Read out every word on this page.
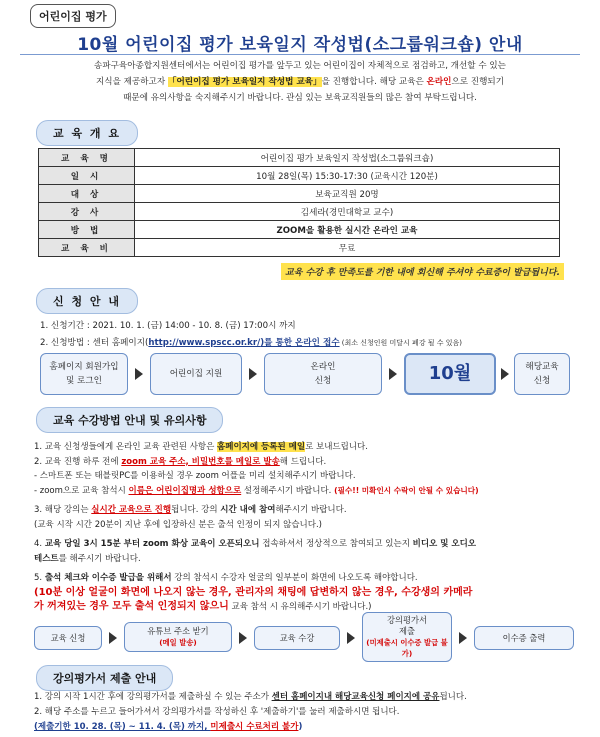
어린이집 평가
10월 어린이집 평가 보육일지 작성법(소그룹워크숍) 안내
송파구육아종합지원센터에서는 어린이집 평가를 앞두고 있는 어린이집이 자체적으로 점검하고, 개선할 수 있는
지식을 제공하고자 「어린이집 평가 보육일지 작성법 교육」을 진행합니다. 해당 교육은 온라인으로 진행되기
때문에 유의사항을 숙지해주시기 바랍니다. 관심 있는 보육교직원들의 많은 참여 부탁드립니다.
교 육 개 요
교 육 명	어린이집 평가 보육일지 작성법(소그룹워크숍)
일 시	10월 28일(목) 15:30-17:30 (교육시간 120분)
대 상	보육교직원 20명
강 사	김세라(경민대학교 교수)
방 법	ZOOM을 활용한 실시간 온라인 교육
교 육 비	무료
교육 수강 후 만족도를 기한 내에 회신해 주셔야 수료증이 발급됩니다.
신 청 안 내
1. 신청기간 : 2021. 10. 1. (금) 14:00 - 10. 8. (금) 17:00시 까지
2. 신청방법 : 센터 홈페이지(http://www.spscc.or.kr/)를 통한 온라인 접수 (최소 신청인원 미달시 폐강 될 수 있음)
홈페이지 회원가입
및 로그인
어린이집 지원
온라인
신청	10월	해당교육
신청
교육 수강방법 안내 및 유의사항

1. 교육 신청생들에게 온라인 교육 관련된 사항은 홈페이지에 등록된 메일로 보내드립니다.

2. 교육 진행 하루 전에 zoom 교육 주소, 비밀번호를 메일로 발송해 드립니다.

- 스마트폰 또는 태블릿PC를 이용하실 경우 zoom 어플을 미리 설치해주시기 바랍니다.

- zoom으로 교육 참석시 이름은 어린이집명과 성함으로 설정해주시기 바랍니다. (필수!! 미확인시 수락이 안될 수 있습니다)

3. 해당 강의는 실시간 교육으로 진행됩니다. 강의 시간 내에 참여해주시기 바랍니다.

(교육 시작 시간 20분이 지난 후에 입장하신 분은 출석 인정이 되지 않습니다.)

4. 교육 당일 3시 15분 부터 zoom 화상 교육이 오픈되오니 접속하셔서 정상적으로 참여되고 있는지 비디오 및 오디오

테스트를 해주시기 바랍니다.

5. 출석 체크와 이수증 발급을 위해서 강의 참석시 수강자 얼굴의 일부분이 화면에 나오도록 해야합니다.

(10분 이상 얼굴이 화면에 나오지 않는 경우, 관리자의 채팅에 답변하지 않는 경우, 수강생의 카메라

가 꺼져있는 경우 모두 출석 인정되지 않으니 교육 참석 시 유의해주시기 바랍니다.)

교육 신청
유튜브 주소 받기
(메일 발송)	교육 수강
강의평가서
제출
(미제출시 이수증 발급 불가)
이수증 출력
강의평가서 제출 안내

1. 강의 시작 1시간 후에 강의평가서를 제출하실 수 있는 주소가 센터 홈페이지내 해당교육신청 페이지에 공유됩니다.

2. 해당 주소를 누르고 들어가셔서 강의평가서를 작성하신 후 '제출하기'를 눌러 제출하시면 됩니다.

(제출기한 10. 28. (목) ~ 11. 4. (목) 까지, 미제출시 수료처리 불가)
